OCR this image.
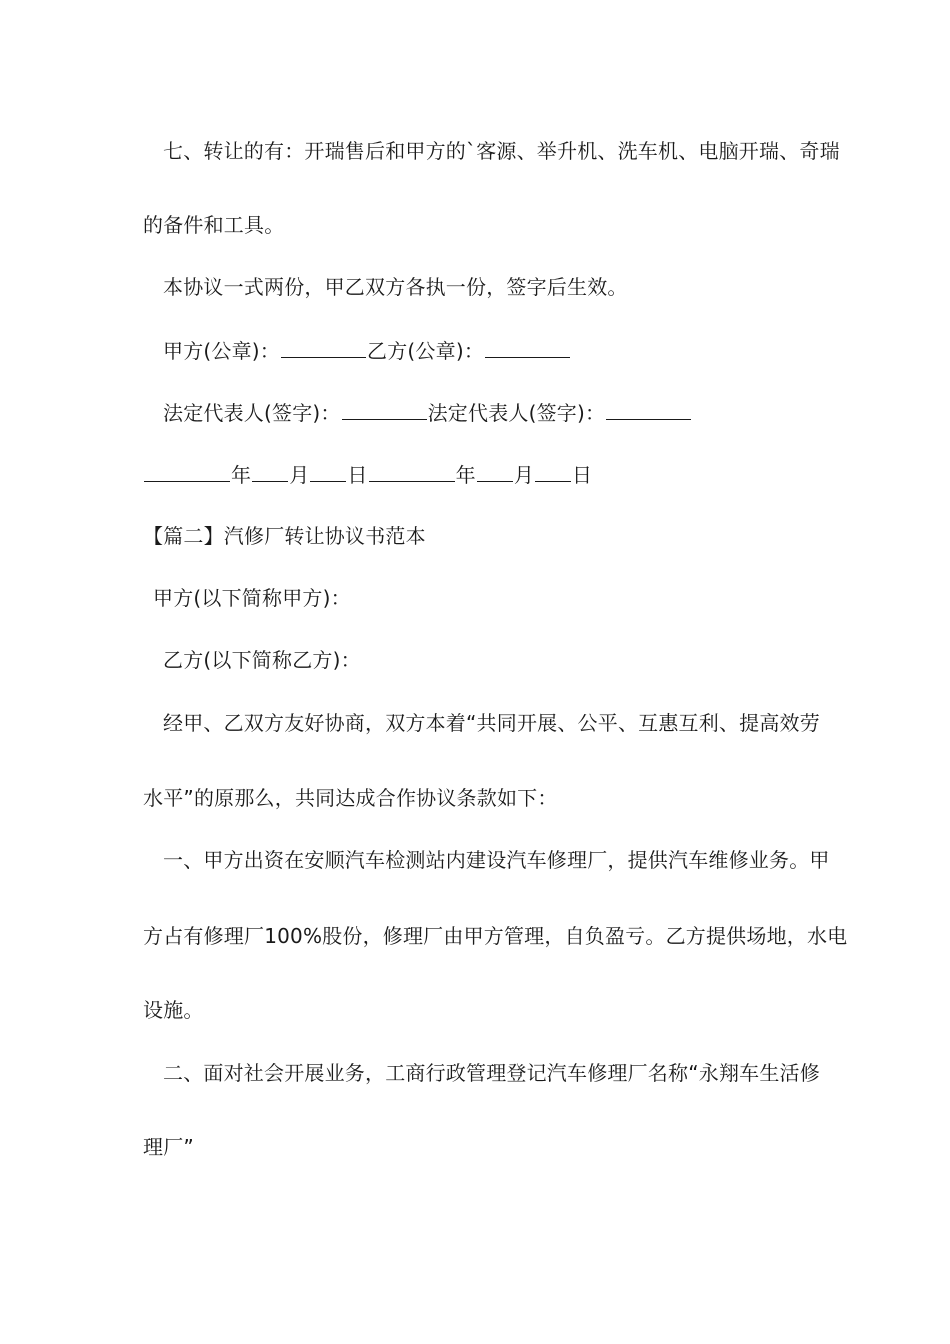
七、转让的有：开瑞售后和甲方的`客源、举升机、洗车机、电脑开瑞、奇瑞

的备件和工具。

本协议一式两份，甲乙双方各执一份，签字后生效。

甲方(公章)：	乙方(公章)：

法定代表人(签字)：	法定代表人(签字)：

年 月 日	年 月 日

【篇二】汽修厂转让协议书范本

甲方(以下简称甲方)：

乙方(以下简称乙方)：

经甲、乙双方友好协商，双方本着“共同开展、公平、互惠互利、提高效劳

水平”的原那么，共同达成合作协议条款如下：

一、甲方出资在安顺汽车检测站内建设汽车修理厂，提供汽车维修业务。甲

方占有修理厂100%股份，修理厂由甲方管理，自负盈亏。乙方提供场地，水电

设施。

二、面对社会开展业务，工商行政管理登记汽车修理厂名称“永翔车生活修

理厂”
